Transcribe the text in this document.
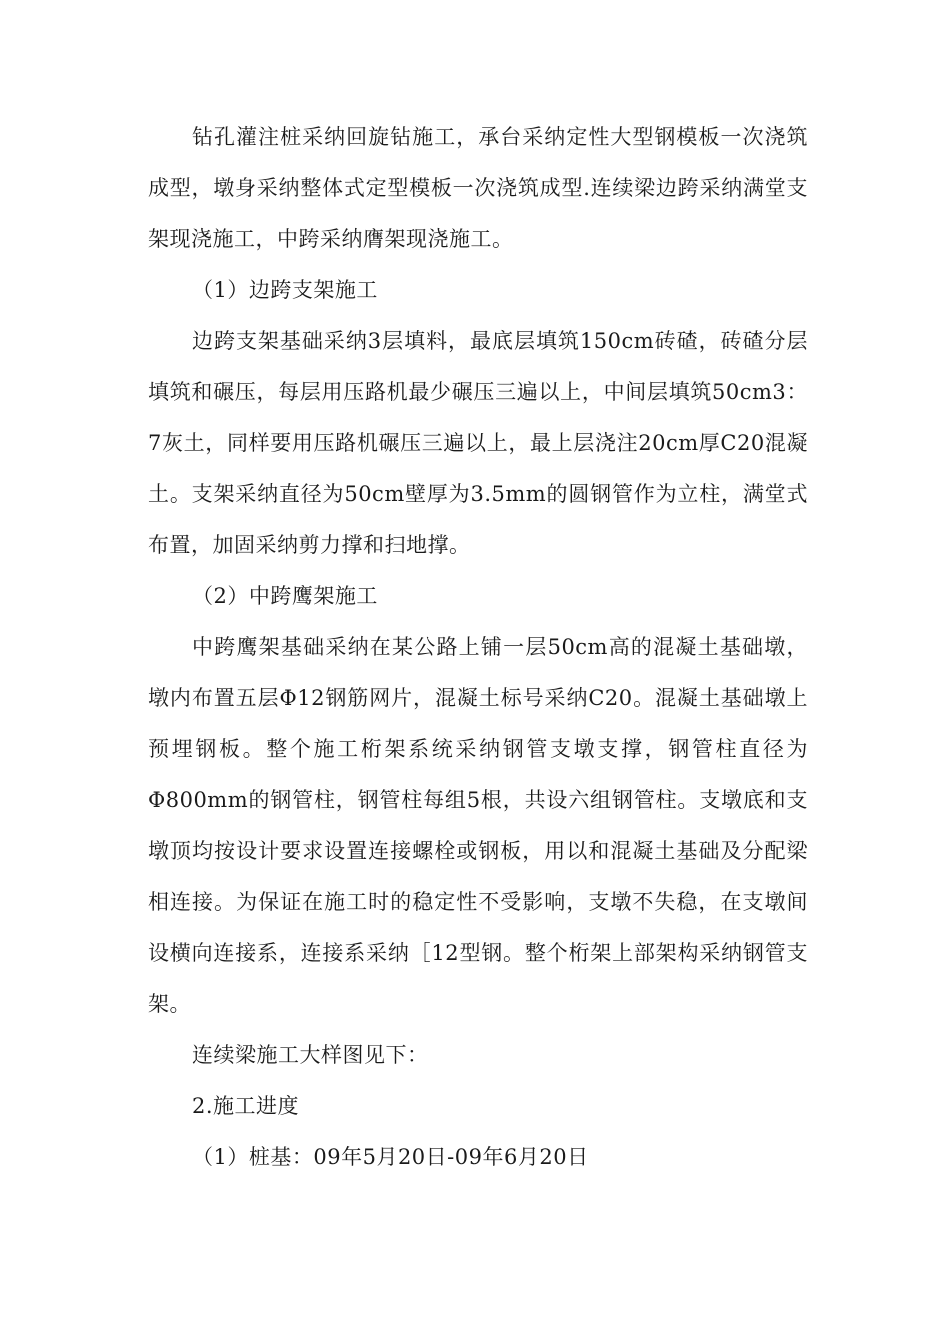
钻孔灌注桩采纳回旋钻施工，承台采纳定性大型钢模板一次浇筑成型，墩身采纳整体式定型模板一次浇筑成型.连续梁边跨采纳满堂支架现浇施工，中跨采纳膺架现浇施工。

（1）边跨支架施工

边跨支架基础采纳3层填料，最底层填筑150cm砖碴，砖碴分层填筑和碾压，每层用压路机最少碾压三遍以上，中间层填筑50cm3：7灰土，同样要用压路机碾压三遍以上，最上层浇注20cm厚C20混凝土。支架采纳直径为50cm壁厚为3.5mm的圆钢管作为立柱，满堂式布置，加固采纳剪力撑和扫地撑。

（2）中跨鹰架施工

中跨鹰架基础采纳在某公路上铺一层50cm高的混凝土基础墩，墩内布置五层Φ12钢筋网片，混凝土标号采纳C20。混凝土基础墩上预埋钢板。整个施工桁架系统采纳钢管支墩支撑，钢管柱直径为Φ800mm的钢管柱，钢管柱每组5根，共设六组钢管柱。支墩底和支墩顶均按设计要求设置连接螺栓或钢板，用以和混凝土基础及分配梁相连接。为保证在施工时的稳定性不受影响，支墩不失稳，在支墩间设横向连接系，连接系采纳［12型钢。整个桁架上部架构采纳钢管支架。

连续梁施工大样图见下：

2.施工进度

（1）桩基：09年5月20日-09年6月20日
